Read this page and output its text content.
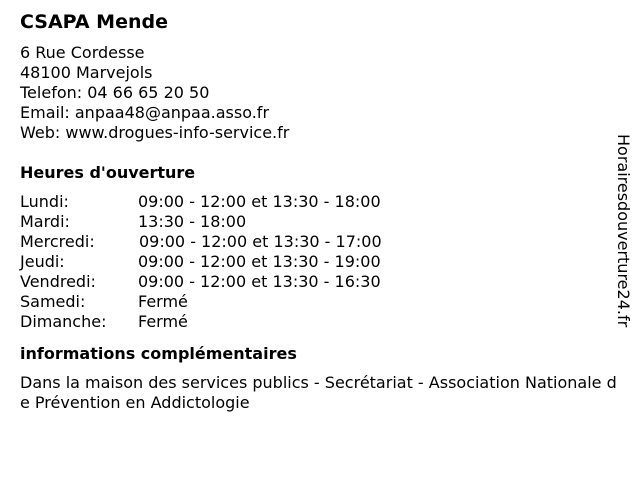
CSAPA Mende
6 Rue Cordesse
48100 Marvejols
Telefon: 04 66 65 20 50
Email: anpaa48@anpaa.asso.fr
Web: www.drogues-info-service.fr
Heures d'ouverture
Lundi:	09:00 - 12:00 et 13:30 - 18:00
Mardi:	13:30 - 18:00
Mercredi:	09:00 - 12:00 et 13:30 - 17:00
Jeudi:	09:00 - 12:00 et 13:30 - 19:00
Vendredi:	09:00 - 12:00 et 13:30 - 16:30
Samedi:	Fermé
Dimanche:	Fermé
informations complémentaires
Dans la maison des services publics - Secrétariat - Association Nationale de Prévention en Addictologie
Horairesdouverture24.fr
